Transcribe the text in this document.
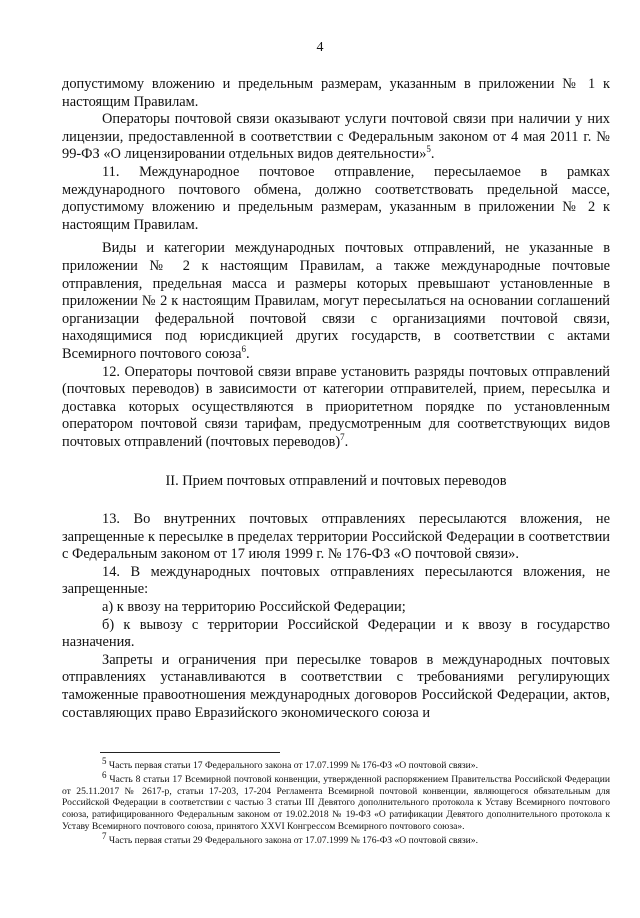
4

допустимому вложению и предельным размерам, указанным в приложении № 1 к настоящим Правилам.

Операторы почтовой связи оказывают услуги почтовой связи при наличии у них лицензии, предоставленной в соответствии с Федеральным законом от 4 мая 2011 г. № 99-ФЗ «О лицензировании отдельных видов деятельности»$^5$.

11. Международное почтовое отправление, пересылаемое в рамках международного почтового обмена, должно соответствовать предельной массе, допустимому вложению и предельным размерам, указанным в приложении № 2 к настоящим Правилам.

Виды и категории международных почтовых отправлений, не указанные в приложении № 2 к настоящим Правилам, а также международные почтовые отправления, предельная масса и размеры которых превышают установленные в приложении № 2 к настоящим Правилам, могут пересылаться на основании соглашений организации федеральной почтовой связи с организациями почтовой связи, находящимися под юрисдикцией других государств, в соответствии с актами Всемирного почтового союза$^6$.

12. Операторы почтовой связи вправе установить разряды почтовых отправлений (почтовых переводов) в зависимости от категории отправителей, прием, пересылка и доставка которых осуществляются в приоритетном порядке по установленным оператором почтовой связи тарифам, предусмотренным для соответствующих видов почтовых отправлений (почтовых переводов)$^7$.

II. Прием почтовых отправлений и почтовых переводов

13. Во внутренних почтовых отправлениях пересылаются вложения, не запрещенные к пересылке в пределах территории Российской Федерации в соответствии с Федеральным законом от 17 июля 1999 г. № 176-ФЗ «О почтовой связи».

14. В международных почтовых отправлениях пересылаются вложения, не запрещенные:

а) к ввозу на территорию Российской Федерации;

б) к вывозу с территории Российской Федерации и к ввозу в государство назначения.

Запреты и ограничения при пересылке товаров в международных почтовых отправлениях устанавливаются в соответствии с требованиями регулирующих таможенные правоотношения международных договоров Российской Федерации, актов, составляющих право Евразийского экономического союза и

$^5$ Часть первая статьи 17 Федерального закона от 17.07.1999 № 176-ФЗ «О почтовой связи».

$^6$ Часть 8 статьи 17 Всемирной почтовой конвенции, утвержденной распоряжением Правительства Российской Федерации от 25.11.2017 № 2617-р, статьи 17-203, 17-204 Регламента Всемирной почтовой конвенции, являющегося обязательным для Российской Федерации в соответствии с частью 3 статьи III Девятого дополнительного протокола к Уставу Всемирного почтового союза, ратифицированного Федеральным законом от 19.02.2018 № 19-ФЗ «О ратификации Девятого дополнительного протокола к Уставу Всемирного почтового союза, принятого XXVI Конгрессом Всемирного почтового союза».

$^7$ Часть первая статьи 29 Федерального закона от 17.07.1999 № 176-ФЗ «О почтовой связи».
